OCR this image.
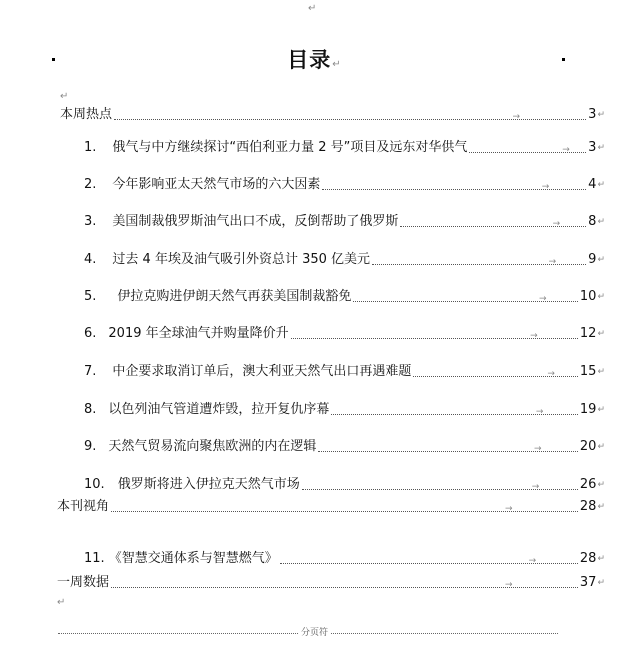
↵
目录↵
↵
本周热点	→	3 ↵
1. 俄气与中方继续探讨“西伯利亚力量 2 号”项目及远东对华供气	→ 3 ↵
2. 今年影响亚太天然气市场的六大因素	→	4 ↵
3. 美国制裁俄罗斯油气出口不成，反倒帮助了俄罗斯	→ 8 ↵
4. 过去 4 年埃及油气吸引外资总计 350 亿美元	→ 9 ↵
5. 伊拉克购进伊朗天然气再获美国制裁豁免	→	10 ↵
6. 2019 年全球油气并购量降价升	→	12 ↵
7. 中企要求取消订单后，澳大利亚天然气出口再遇难题	→ 15 ↵
8. 以色列油气管道遭炸毁，拉开复仇序幕	→	19 ↵
9. 天然气贸易流向聚焦欧洲的内在逻辑	→	20 ↵
10. 俄罗斯将进入伊拉克天然气市场	→	26 ↵
本刊视角	→	28 ↵
11. 《智慧交通体系与智慧燃气》	→	28 ↵
一周数据	→	37 ↵
↵
分页符
